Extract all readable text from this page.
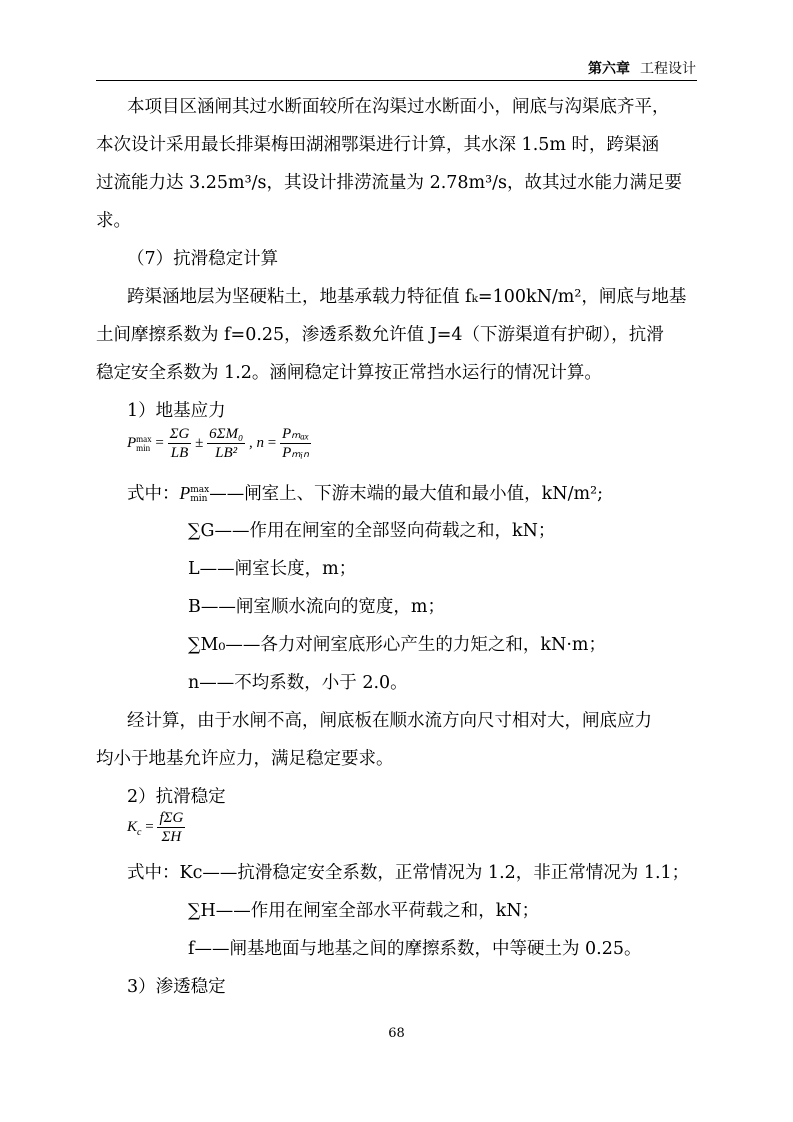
第六章 工程设计
本项目区涵闸其过水断面较所在沟渠过水断面小，闸底与沟渠底齐平，
本次设计采用最长排渠梅田湖湘鄂渠进行计算，其水深 1.5m 时，跨渠涵
过流能力达 3.25m³/s，其设计排涝流量为 2.78m³/s，故其过水能力满足要
求。
（7）抗滑稳定计算
跨渠涵地层为坚硬粘土，地基承载力特征值 fₖ=100kN/m²，闸底与地基
土间摩擦系数为 f=0.25，渗透系数允许值 J=4（下游渠道有护砌），抗滑
稳定安全系数为 1.2。涵闸稳定计算按正常挡水运行的情况计算。
1）地基应力
P max
$\min = \frac{\Sigma G}{LB} \pm \frac{\text{6ΣM₀}}{\text{LB²}}$ , $n = \frac{\text{Pₘₐₓ}}{\text{Pₘᵢₙ}}$
式中：P max
min ——闸室上、下游末端的最大值和最小值，kN/m²;
∑G——作用在闸室的全部竖向荷载之和，kN；
L——闸室长度，m；
B——闸室顺水流向的宽度，m；
∑M₀——各力对闸室底形心产生的力矩之和，kN·m；
n——不均系数，小于 2.0。
经计算，由于水闸不高，闸底板在顺水流方向尺寸相对大，闸底应力
均小于地基允许应力，满足稳定要求。
2）抗滑稳定
$K_c = \frac{\text{fΣG}}{\Sigma H}$
式中：Kc——抗滑稳定安全系数，正常情况为 1.2，非正常情况为 1.1；
∑H——作用在闸室全部水平荷载之和，kN；
f——闸基地面与地基之间的摩擦系数，中等硬土为 0.25。
3）渗透稳定
68
